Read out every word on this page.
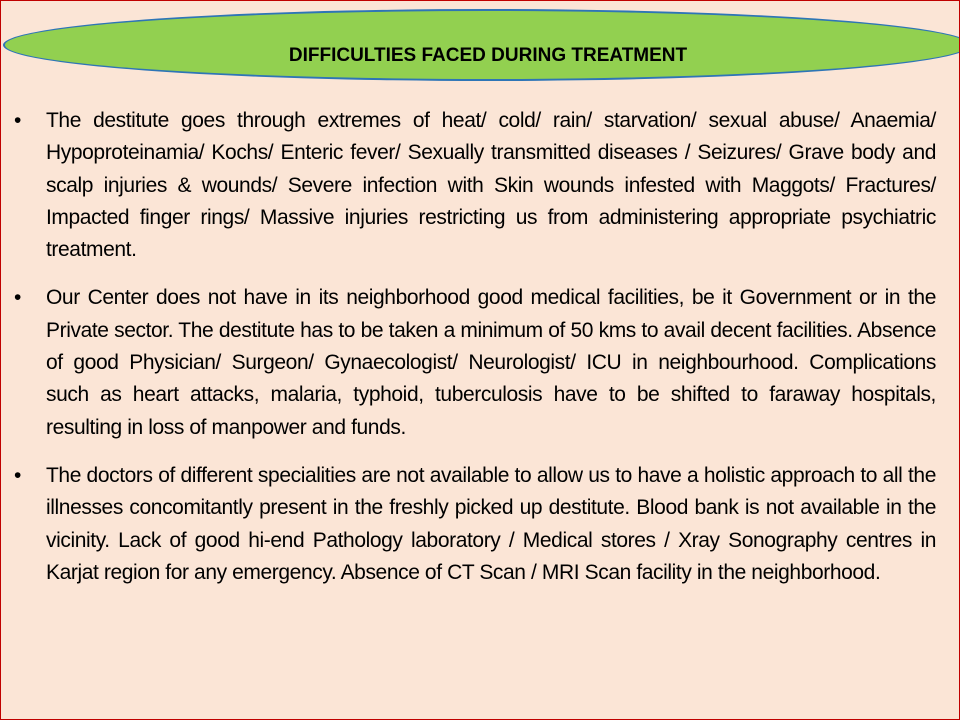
DIFFICULTIES FACED DURING TREATMENT
• The destitute goes through extremes of heat/ cold/ rain/ starvation/ sexual abuse/ Anaemia/ Hypoproteinamia/ Kochs/ Enteric fever/ Sexually transmitted diseases / Seizures/ Grave body and scalp injuries & wounds/ Severe infection with Skin wounds infested with Maggots/ Fractures/ Impacted finger rings/ Massive injuries restricting us from administering appropriate psychiatric treatment.
• Our Center does not have in its neighborhood good medical facilities, be it Government or in the Private sector. The destitute has to be taken a minimum of 50 kms to avail decent facilities. Absence of good Physician/ Surgeon/ Gynaecologist/ Neurologist/ ICU in neighbourhood. Complications such as heart attacks, malaria, typhoid, tuberculosis have to be shifted to faraway hospitals, resulting in loss of manpower and funds.
• The doctors of different specialities are not available to allow us to have a holistic approach to all the illnesses concomitantly present in the freshly picked up destitute. Blood bank is not available in the vicinity. Lack of good hi-end Pathology laboratory / Medical stores / Xray Sonography centres in Karjat region for any emergency. Absence of CT Scan / MRI Scan facility in the neighborhood.
